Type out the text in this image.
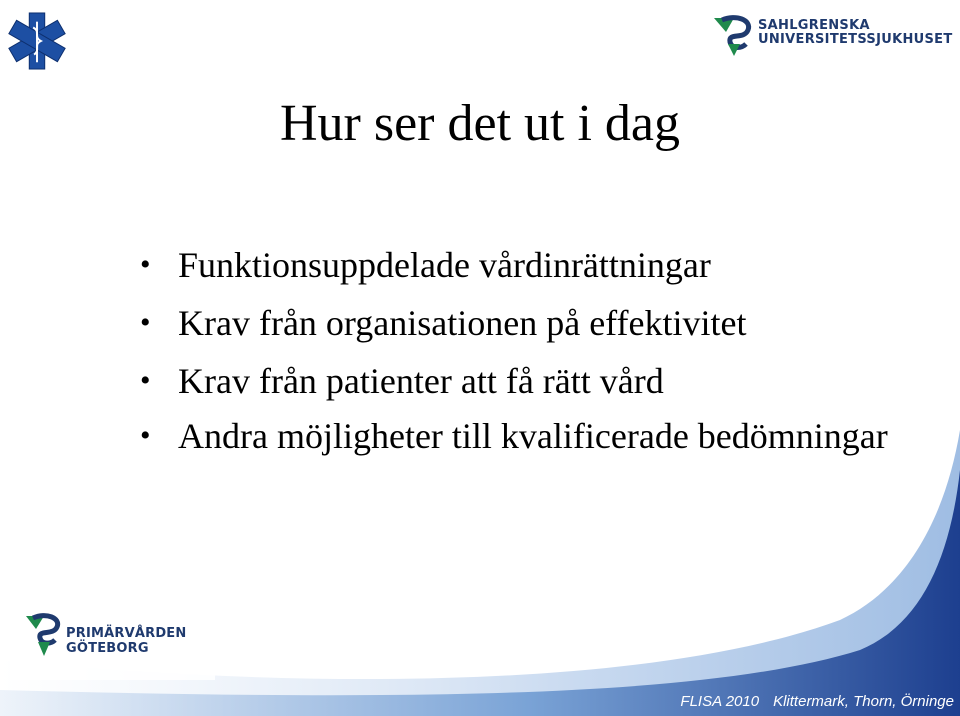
SAHLGRENSKA
UNIVERSITETSSJUKHUSET
Hur ser det ut i dag
• Funktionsuppdelade vårdinrättningar
• Krav från organisationen på effektivitet
• Krav från patienter att få rätt vård
• Andra möjligheter till kvalificerade bedömningar
PRIMÄRVÅRDEN
GÖTEBORG
FLISA 2010 Klittermark, Thorn, Örninge
